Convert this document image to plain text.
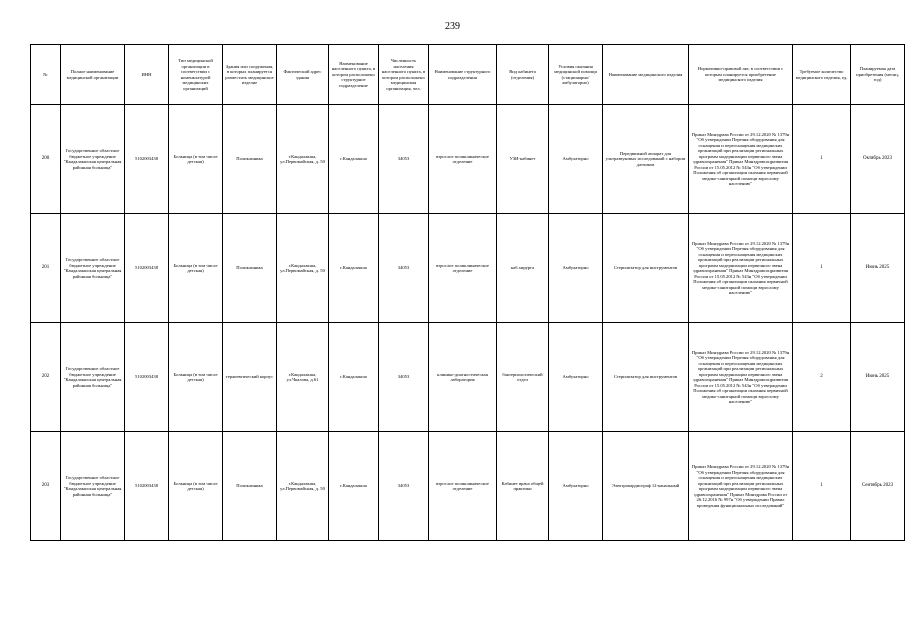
239
№	Полное наименование медицинской организации	ИНН	Тип медицинской организации в соответствии с номенклатурой медицинских организаций	Здания или сооружения, в которых планируется разместить медицинское изделие	Фактический адрес здания	Наименование населенного пункта, в котором расположено структурное подразделение	Численность населения населенного пункта, в котором расположено медицинская организация, чел.	Наименование структурного подразделения	Вид кабинета (отделения)	Условия оказания медицинской помощи (стационарно/ амбулаторно)	Наименование медицинского изделия	Нормативно-правовой акт, в соответствии с которым планируется приобретение медицинского изделия	Требуемое количество медицинского изделия, ед.	Планируемая дата приобретения (месяц, год)
200	Государственное областное бюджетное учреждение "Кандалакшская центральная районная больница"	5102003438	Больница (в том числе детская)	Поликлиника	г.Кандалакша, ул.Первомайская, д. 50	г.Кандалакша	34053	взрослое поликлиническое отделение	УЗИ-кабинет	Амбулаторно	Передвижной аппарат для ультразвуковых исследований с набором датчиков	Приказ Минздрава России от 29.12.2020 № 1379н "Об утверждении Перечня оборудования для оснащения и переоснащения медицинских организаций при реализации региональных программ модернизации первичного звена здравоохранения" Приказ Минздравсоцразвития России от 15.05.2012 № 543н "Об утверждении Положения об организации оказания первичной медико-санитарной помощи взрослому населению"	1	Октябрь 2023
201	Государственное областное бюджетное учреждение "Кандалакшская центральная районная больница"	5102003438	Больница (в том числе детская)	Поликлиника	г.Кандалакша, ул.Первомайская, д. 50	г.Кандалакша	34053	взрослое поликлиническое отделение	каб.хирурга	Амбулаторно	Стерилизатор для инструментов	Приказ Минздрава России от 29.12.2020 № 1379н "Об утверждении Перечня оборудования для оснащения и переоснащения медицинских организаций при реализации региональных программ модернизации первичного звена здравоохранения" Приказ Минздравсоцразвития России от 15.05.2012 № 543н "Об утверждении Положения об организации оказания первичной медико-санитарной помощи взрослому населению"	1	Июнь 2025
202	Государственное областное бюджетное учреждение "Кандалакшская центральная районная больница"	5102003438	Больница (в том числе детская)	терапевтический корпус	г.Кандалакша, ул.Чкалова, д.61	г.Кандалакша	34053	клинико-диагностическая лаборатория	бактериологический отдел	Амбулаторно	Стерилизатор для инструментов	Приказ Минздрава России от 29.12.2020 № 1379н "Об утверждении Перечня оборудования для оснащения и переоснащения медицинских организаций при реализации региональных программ модернизации первичного звена здравоохранения" Приказ Минздравсоцразвития России от 15.05.2012 № 543н "Об утверждении Положения об организации оказания первичной медико-санитарной помощи взрослому населению"	2	Июнь 2025
203	Государственное областное бюджетное учреждение "Кандалакшская центральная районная больница"	5102003438	Больница (в том числе детская)	Поликлиника	г.Кандалакша, ул.Первомайская, д. 50	г.Кандалакша	34053	взрослое поликлиническое отделение	Кабинет врача общей практики	Амбулаторно	Электрокардиограф 12-канальный	Приказ Минздрава России от 29.12.2020 № 1379н "Об утверждении Перечня оборудования для оснащения и переоснащения медицинских организаций при реализации региональных программ модернизации первичного звена здравоохранения" Приказ Минздрава России от 26.12.2016 № 997н "Об утверждении Правил проведения функциональных исследований"	1	Сентябрь 2023
